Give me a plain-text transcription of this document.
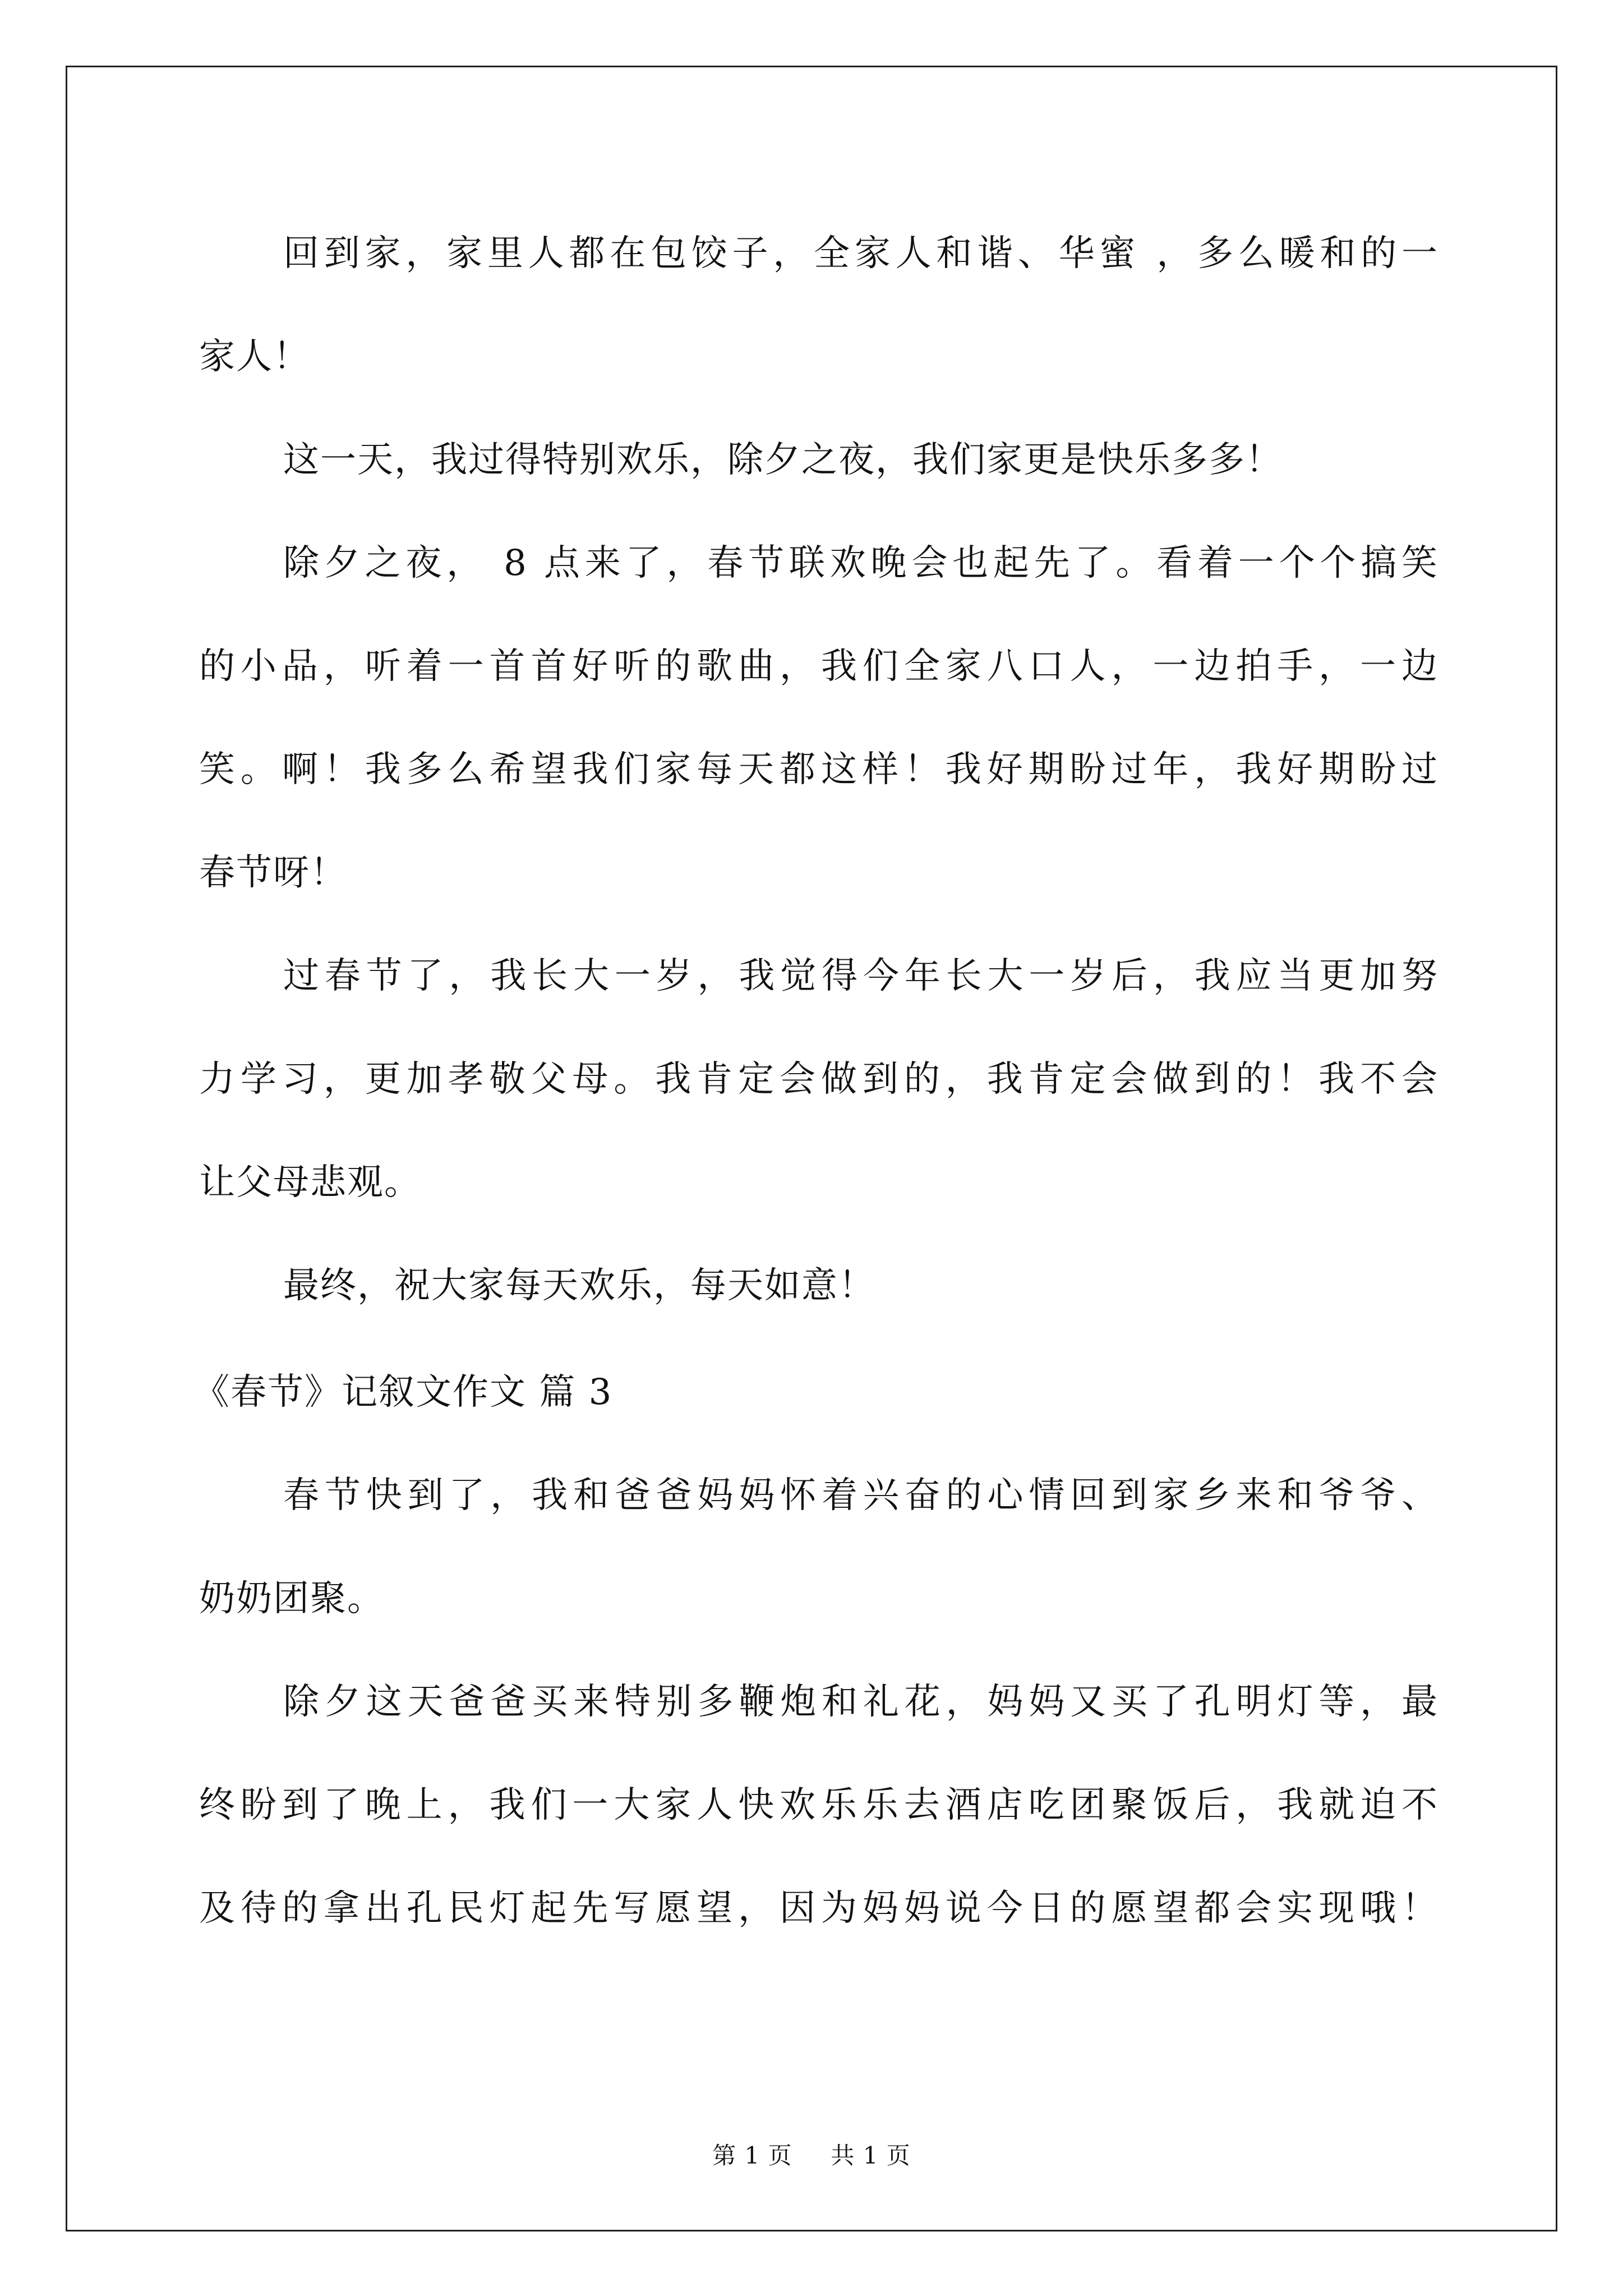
回到家，家里人都在包饺子，全家人和谐、华蜜 ，多么暖和的一
家人！
这一天，我过得特别欢乐，除夕之夜，我们家更是快乐多多！
除夕之夜， 8 点来了，春节联欢晚会也起先了。看着一个个搞笑
的小品，听着一首首好听的歌曲，我们全家八口人，一边拍手，一边
笑。啊！我多么希望我们家每天都这样！我好期盼过年，我好期盼过
春节呀！
过春节了，我长大一岁，我觉得今年长大一岁后，我应当更加努
力学习，更加孝敬父母。我肯定会做到的，我肯定会做到的！我不会
让父母悲观。
最终，祝大家每天欢乐，每天如意！
《春节》记叙文作文 篇 3
春节快到了，我和爸爸妈妈怀着兴奋的心情回到家乡来和爷爷、
奶奶团聚。
除夕这天爸爸买来特别多鞭炮和礼花，妈妈又买了孔明灯等，最
终盼到了晚上，我们一大家人快欢乐乐去酒店吃团聚饭后，我就迫不
及待的拿出孔民灯起先写愿望，因为妈妈说今日的愿望都会实现哦！
第 1 页 共 1 页
